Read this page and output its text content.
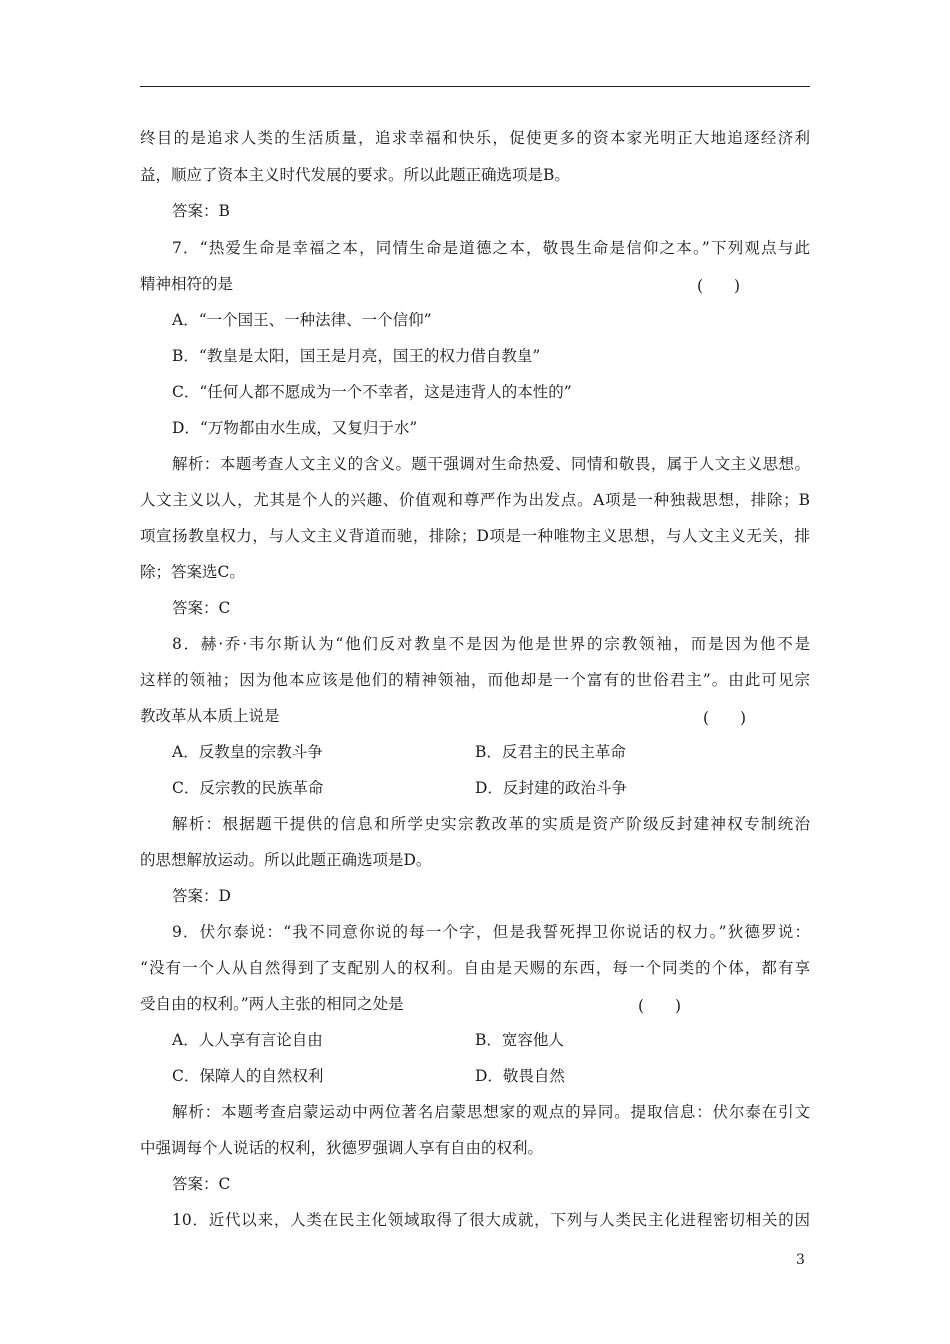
终目的是追求人类的生活质量，追求幸福和快乐，促使更多的资本家光明正大地追逐经济利
益，顺应了资本主义时代发展的要求。所以此题正确选项是B。
答案：B
7．“热爱生命是幸福之本，同情生命是道德之本，敬畏生命是信仰之本。”下列观点与此
精神相符的是	(　　)
A．“一个国王、一种法律、一个信仰”
B．“教皇是太阳，国王是月亮，国王的权力借自教皇”
C．“任何人都不愿成为一个不幸者，这是违背人的本性的”
D．“万物都由水生成，又复归于水”
解析：本题考查人文主义的含义。题干强调对生命热爱、同情和敬畏，属于人文主义思想。
人文主义以人，尤其是个人的兴趣、价值观和尊严作为出发点。A项是一种独裁思想，排除；B
项宣扬教皇权力，与人文主义背道而驰，排除；D项是一种唯物主义思想，与人文主义无关，排
除；答案选C。
答案：C
8．赫·乔·韦尔斯认为“他们反对教皇不是因为他是世界的宗教领袖，而是因为他不是
这样的领袖；因为他本应该是他们的精神领袖，而他却是一个富有的世俗君主”。由此可见宗
教改革从本质上说是	(　　)
A．反教皇的宗教斗争	B．反君主的民主革命
C．反宗教的民族革命	D．反封建的政治斗争
解析：根据题干提供的信息和所学史实宗教改革的实质是资产阶级反封建神权专制统治
的思想解放运动。所以此题正确选项是D。
答案：D
9．伏尔泰说：“我不同意你说的每一个字，但是我誓死捍卫你说话的权力。”狄德罗说：
“没有一个人从自然得到了支配别人的权利。自由是天赐的东西，每一个同类的个体，都有享
受自由的权利。”两人主张的相同之处是	(　　)
A．人人享有言论自由	B．宽容他人
C．保障人的自然权利	D．敬畏自然
解析：本题考查启蒙运动中两位著名启蒙思想家的观点的异同。提取信息：伏尔泰在引文
中强调每个人说话的权利，狄德罗强调人享有自由的权利。
答案：C
10．近代以来，人类在民主化领域取得了很大成就，下列与人类民主化进程密切相关的因
3
